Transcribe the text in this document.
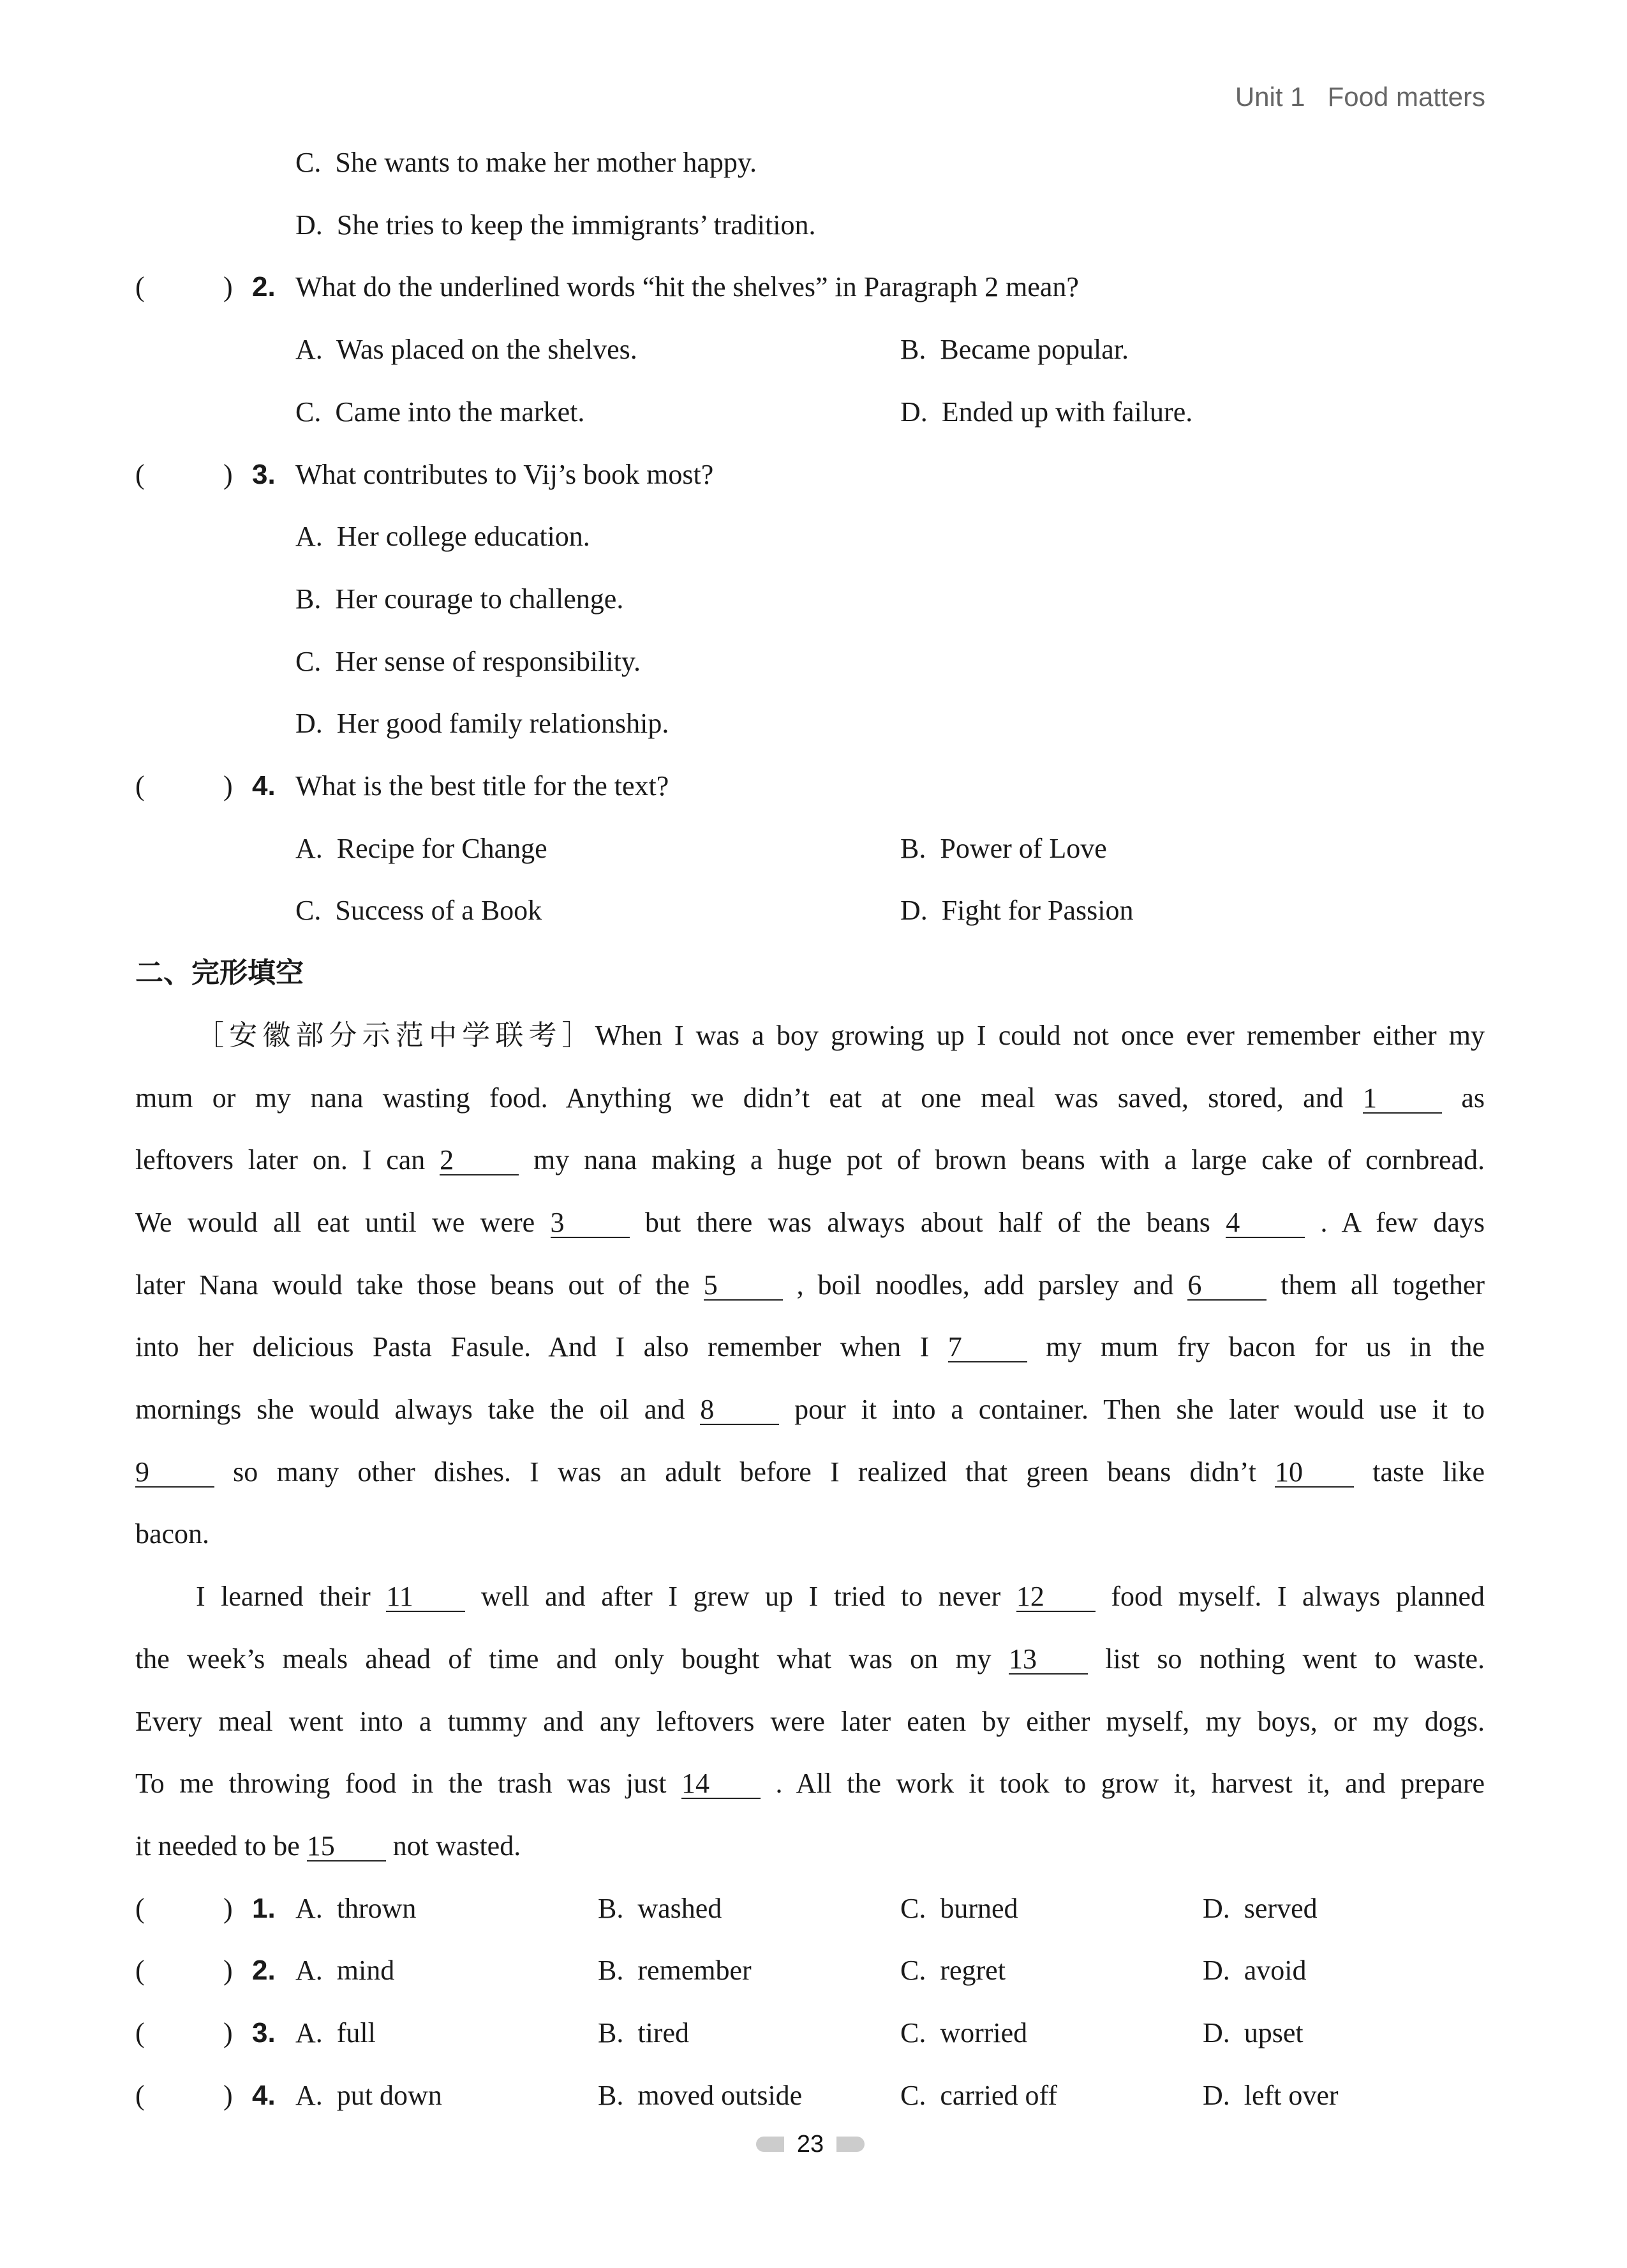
Unit 1 Food matters
C.  She wants to make her mother happy.
D.  She tries to keep the immigrants’ tradition.
(	) 2. What do the underlined words “hit the shelves” in Paragraph 2 mean?
A.  Was placed on the shelves.	B.  Became popular.
C.  Came into the market.	D.  Ended up with failure.
(	) 3. What contributes to Vij’s book most?
A.  Her college education.
B.  Her courage to challenge.
C.  Her sense of responsibility.
D.  Her good family relationship.
(	) 4. What is the best title for the text?
A.  Recipe for Change	B.  Power of Love
C.  Success of a Book	D.  Fight for Passion
二、完形填空
［安徽部分示范中学联考］When I was a boy growing up I could not once ever remember either my
mum or my nana wasting food. Anything we didn’t eat at one meal was saved, stored, and 1	as
leftovers later on. I can 2	my nana making a huge pot of brown beans with a large cake of cornbread.
We would all eat until we were 3	but there was always about half of the beans 4	. A few days
later Nana would take those beans out of the 5	, boil noodles, add parsley and 6	them all together
into her delicious Pasta Fasule. And I also remember when I 7	my mum fry bacon for us in the
mornings she would always take the oil and 8	pour it into a container. Then she later would use it to
9	so many other dishes. I was an adult before I realized that green beans didn’t 10 taste like
bacon.
I learned their 11 well and after I grew up I tried to never 12 food myself. I always planned
the week’s meals ahead of time and only bought what was on my 13 list so nothing went to waste.
Every meal went into a tummy and any leftovers were later eaten by either myself, my boys, or my dogs.
To me throwing food in the trash was just 14 . All the work it took to grow it, harvest it, and prepare
it needed to be 15 not wasted.
(	) 1. A.  thrown	B.  washed	C.  burned	D.  served
(	) 2. A.  mind	B.  remember	C.  regret	D.  avoid
(	) 3. A.  full	B.  tired	C.  worried	D.  upset
(	) 4. A.  put down	B.  moved outside	C.  carried off	D.  left over
23
